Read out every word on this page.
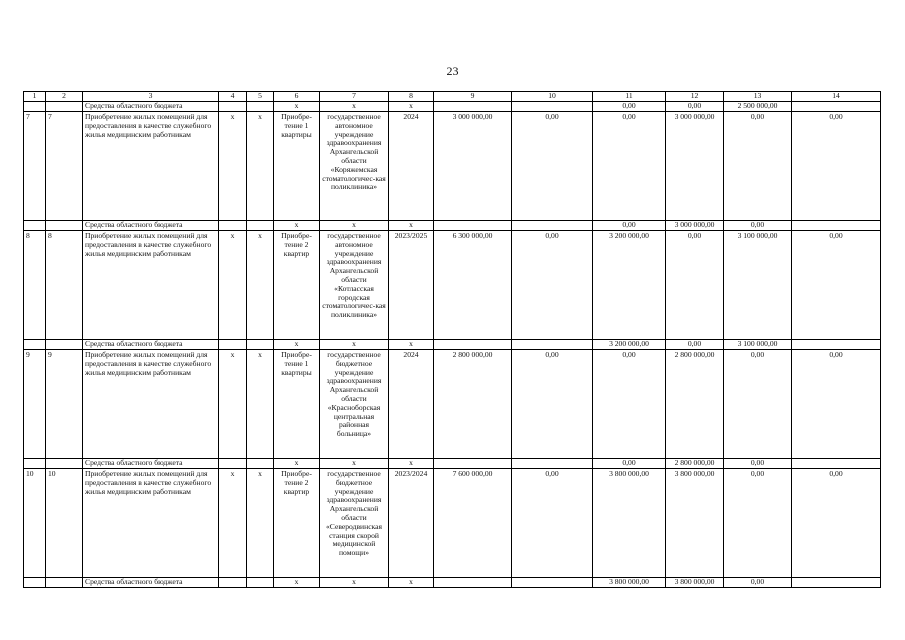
23
1	2	3	4	5	6	7	8	9	10	11	12	13	14
		Средства областного бюджета			x	x	x			0,00	0,00	2 500 000,00	
7	7	Приобретение жилых помещений для предоставления в качестве служебного жилья медицинским работникам	x	x	Приобре-тение 1 квартиры	государственное автономное учреждение здравоохранения Архангельской области «Коряжемская стоматологичес-кая поликлиника»	2024	3 000 000,00	0,00	0,00	3 000 000,00	0,00	0,00
		Средства областного бюджета			x	x	x			0,00	3 000 000,00	0,00	
8	8	Приобретение жилых помещений для предоставления в качестве служебного жилья медицинским работникам	x	x	Приобре-тение 2 квартир	государственное автономное учреждение здравоохранения Архангельской области «Котласская городская стоматологичес-кая поликлиника»	2023/2025	6 300 000,00	0,00	3 200 000,00	0,00	3 100 000,00	0,00
		Средства областного бюджета			x	x	x			3 200 000,00	0,00	3 100 000,00	
9	9	Приобретение жилых помещений для предоставления в качестве служебного жилья медицинским работникам	x	x	Приобре-тение 1 квартиры	государственное бюджетное учреждение здравоохранения Архангельской области «Красноборская центральная районная больница»	2024	2 800 000,00	0,00	0,00	2 800 000,00	0,00	0,00
		Средства областного бюджета			x	x	x			0,00	2 800 000,00	0,00	
10	10	Приобретение жилых помещений для предоставления в качестве служебного жилья медицинским работникам	x	x	Приобре-тение 2 квартир	государственное бюджетное учреждение здравоохранения Архангельской области «Северодвинская станция скорой медицинской помощи»	2023/2024	7 600 000,00	0,00	3 800 000,00	3 800 000,00	0,00	0,00
		Средства областного бюджета			x	x	x			3 800 000,00	3 800 000,00	0,00	
